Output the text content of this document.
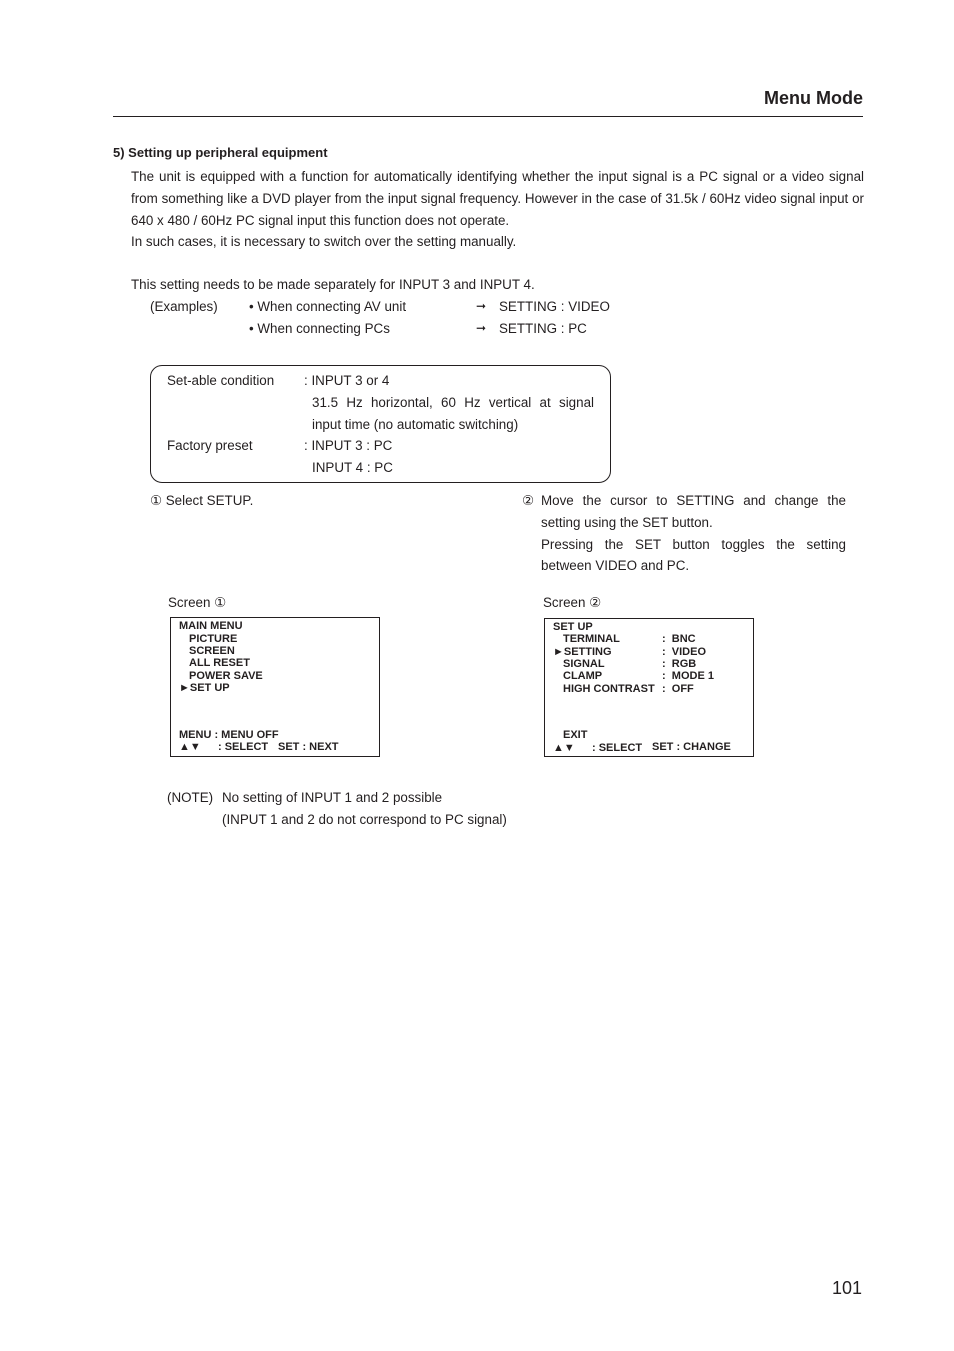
Menu Mode
5) Setting up peripheral equipment

The unit is equipped with a function for automatically identifying whether the input signal is a PC signal or a video signal from something like a DVD player from the input signal frequency. However in the case of 31.5k / 60Hz video signal input or 640 x 480 / 60Hz PC signal input this function does not operate.

In such cases, it is necessary to switch over the setting manually.

This setting needs to be made separately for INPUT 3 and INPUT 4.

(Examples) • When connecting AV unit	➞ SETTING : VIDEO
• When connecting PCs	➞ SETTING : PC
Set-able condition : INPUT 3 or 4
31.5 Hz horizontal, 60 Hz vertical at signal
input time (no automatic switching)
Factory preset	: INPUT 3 : PC
INPUT 4 : PC
① Select SETUP.	② Move the cursor to SETTING and change the setting using the SET button.
Pressing the SET button toggles the setting between VIDEO and PC.
Screen ①
MAIN MENU
PICTURE
SCREEN
ALL RESET
POWER SAVE
►SET UP
MENU : MENU OFF
▲▼ : SELECT SET : NEXT
Screen ②
SET UP
TERMINAL	:  BNC
►SETTING	:  VIDEO
SIGNAL	:  RGB
CLAMP	:  MODE 1
HIGH CONTRAST :  OFF
EXIT
▲▼ : SELECT SET : CHANGE
(NOTE) No setting of INPUT 1 and 2 possible
(INPUT 1 and 2 do not correspond to PC signal)
101
